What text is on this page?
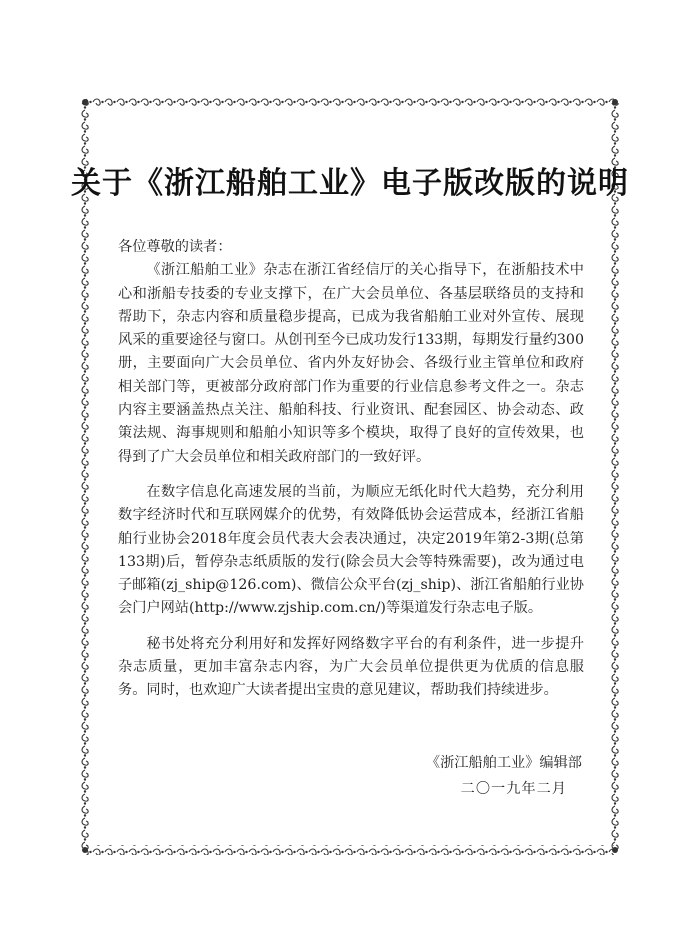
关于《浙江船舶工业》电子版改版的说明

各位尊敬的读者：

《浙江船舶工业》杂志在浙江省经信厅的关心指导下，在浙船技术中心和浙船专技委的专业支撑下，在广大会员单位、各基层联络员的支持和帮助下，杂志内容和质量稳步提高，已成为我省船舶工业对外宣传、展现风采的重要途径与窗口。从创刊至今已成功发行133期，每期发行量约300册，主要面向广大会员单位、省内外友好协会、各级行业主管单位和政府相关部门等，更被部分政府部门作为重要的行业信息参考文件之一。杂志内容主要涵盖热点关注、船舶科技、行业资讯、配套园区、协会动态、政策法规、海事规则和船舶小知识等多个模块，取得了良好的宣传效果，也得到了广大会员单位和相关政府部门的一致好评。

在数字信息化高速发展的当前，为顺应无纸化时代大趋势，充分利用数字经济时代和互联网媒介的优势，有效降低协会运营成本，经浙江省船舶行业协会2018年度会员代表大会表决通过，决定2019年第2-3期(总第133期)后，暂停杂志纸质版的发行(除会员大会等特殊需要)，改为通过电子邮箱(zj_ship@126.com)、微信公众平台(zj_ship)、浙江省船舶行业协会门户网站(http://www.zjship.com.cn/)等渠道发行杂志电子版。

秘书处将充分利用好和发挥好网络数字平台的有利条件，进一步提升杂志质量，更加丰富杂志内容，为广大会员单位提供更为优质的信息服务。同时，也欢迎广大读者提出宝贵的意见建议，帮助我们持续进步。

《浙江船舶工业》编辑部
二〇一九年二月
